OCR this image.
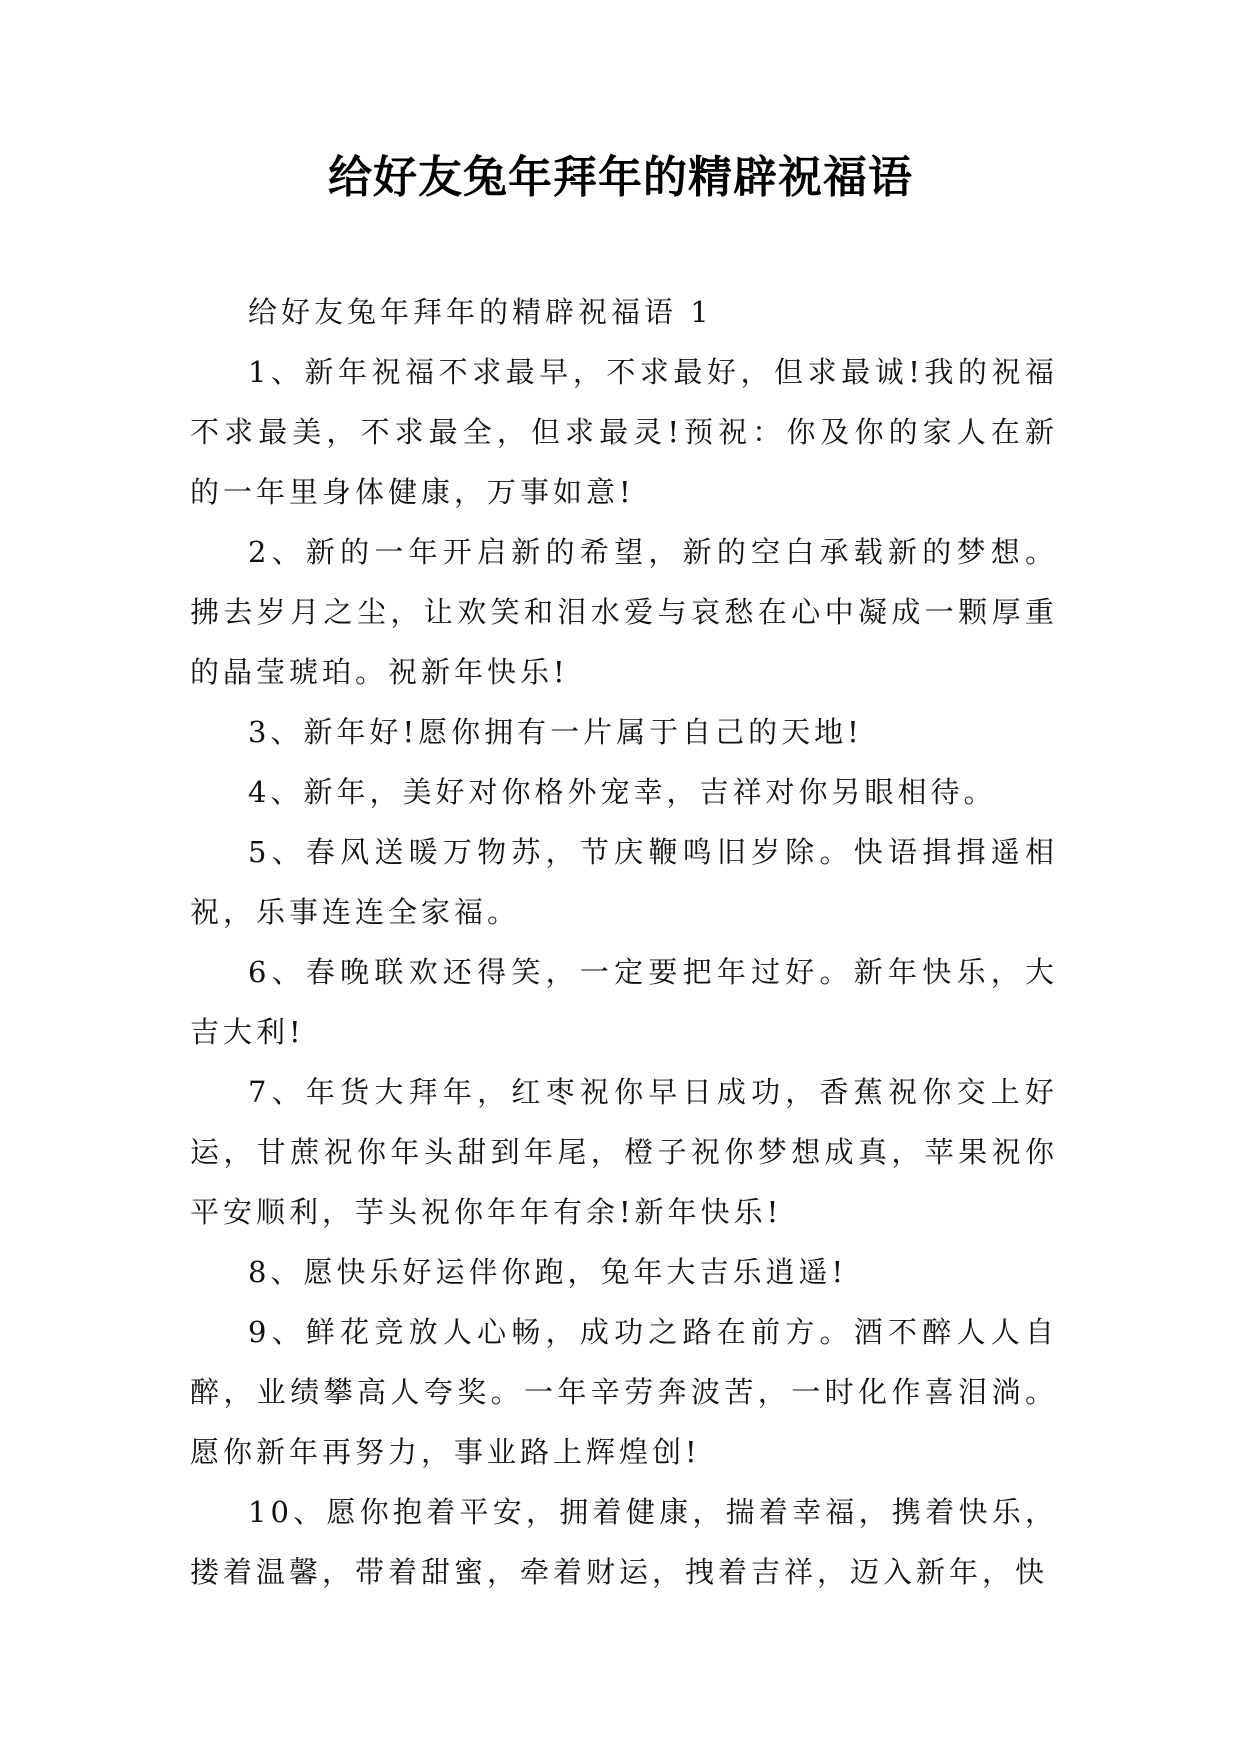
给好友兔年拜年的精辟祝福语

给好友兔年拜年的精辟祝福语 1

1、新年祝福不求最早，不求最好，但求最诚!我的祝福不求最美，不求最全，但求最灵!预祝：你及你的家人在新的一年里身体健康，万事如意!

2、新的一年开启新的希望，新的空白承载新的梦想。拂去岁月之尘，让欢笑和泪水爱与哀愁在心中凝成一颗厚重的晶莹琥珀。祝新年快乐!

3、新年好!愿你拥有一片属于自己的天地!

4、新年，美好对你格外宠幸，吉祥对你另眼相待。

5、春风送暖万物苏，节庆鞭鸣旧岁除。快语揖揖遥相祝，乐事连连全家福。

6、春晚联欢还得笑，一定要把年过好。新年快乐，大吉大利!

7、年货大拜年，红枣祝你早日成功，香蕉祝你交上好运，甘蔗祝你年头甜到年尾，橙子祝你梦想成真，苹果祝你平安顺利，芋头祝你年年有余!新年快乐!

8、愿快乐好运伴你跑，兔年大吉乐逍遥!

9、鲜花竞放人心畅，成功之路在前方。酒不醉人人自醉，业绩攀高人夸奖。一年辛劳奔波苦，一时化作喜泪淌。愿你新年再努力，事业路上辉煌创!

10、愿你抱着平安，拥着健康，揣着幸福，携着快乐，搂着温馨，带着甜蜜，牵着财运，拽着吉祥，迈入新年，快
